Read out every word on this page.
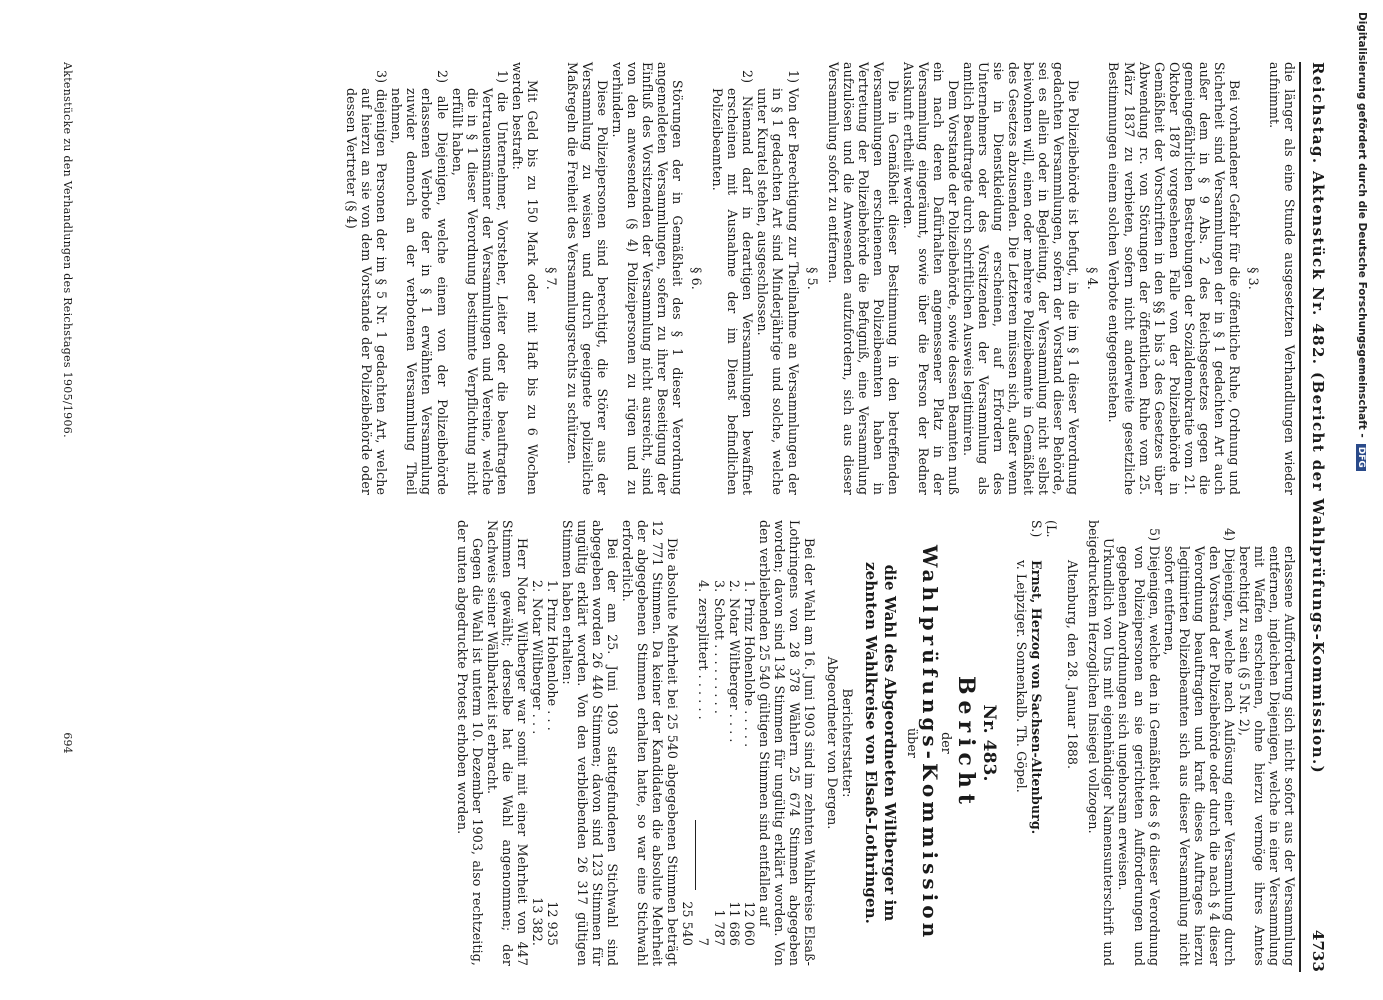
Reichstag. Aktenstück Nr. 482. (Bericht der Wahlprüfungs-Kommission.)
4733

die länger als eine Stunde ausgesetzten Verhandlungen wieder aufnimmt.

§ 3.

Bei vorhandener Gefahr für die öffentliche Ruhe, Ordnung und Sicherheit sind Versammlungen der in § 1 gedachten Art auch außer dem in § 9 Abs. 2 des Reichsgesetzes gegen die gemeingefährlichen Bestrebungen der Sozialdemokratie vom 21. Oktober 1878 vorgesehenen Falle von der Polizeibehörde in Gemäßheit der Vorschriften in den §§ 1 bis 3 des Gesetzes über Abwendung rc. von Störungen der öffentlichen Ruhe vom 25. März 1837 zu verbieten, sofern nicht anderweite gesetzliche Bestimmungen einem solchen Verbote entgegenstehen.

§ 4.

Die Polizeibehörde ist befugt, in die im § 1 dieser Verordnung gedachten Versammlungen, sofern der Vorstand dieser Behörde, sei es allein oder in Begleitung, der Versammlung nicht selbst beiwohnen will, einen oder mehrere Polizeibeamte in Gemäßheit des Gesetzes abzusenden. Die Letzteren müssen sich, außer wenn sie in Dienstkleidung erscheinen, auf Erfordern des Unternehmers oder des Vorsitzenden der Versammlung als amtlich Beauftragte durch schriftlichen Ausweis legitimiren.

Dem Vorstande der Polizeibehörde, sowie dessen Beamten muß ein nach deren Dafürhalten angemessener Platz in der Versammlung eingeräumt, sowie über die Person der Redner Auskunft ertheilt werden.

Die in Gemäßheit dieser Bestimmung in den betreffenden Versammlungen erschienenen Polizeibeamten haben in Vertretung der Polizeibehörde die Befugniß, eine Versammlung aufzulösen und die Anwesenden aufzufordern, sich aus dieser Versammlung sofort zu entfernen.

§ 5.

1) Von der Berechtigung zur Theilnahme an Versammlungen der in § 1 gedachten Art sind Minderjährige und solche, welche unter Kuratel stehen, ausgeschlossen.

2) Niemand darf in derartigen Versammlungen bewaffnet erscheinen mit Ausnahme der im Dienst befindlichen Polizeibeamten.

§ 6.

Störungen der in Gemäßheit des § 1 dieser Verordnung angemeldeten Versammlungen, sofern zu ihrer Beseitigung der Einfluß des Vorsitzenden der Versammlung nicht ausreicht, sind von den anwesenden (§ 4) Polizeipersonen zu rügen und zu verhindern.

Diese Polizeipersonen sind berechtigt, die Störer aus der Versammlung zu weisen und durch geeignete polizeiliche Maßregeln die Freiheit des Versammlungsrechts zu schützen.

§ 7.

Mit Geld bis zu 150 Mark oder mit Haft bis zu 6 Wochen werden bestraft:

1) die Unternehmer, Vorsteher, Leiter oder die beauftragten Vertrauensmänner der Versammlungen und Vereine, welche die in § 1 dieser Verordnung bestimmte Verpflichtung nicht erfüllt haben,

2) alle Diejenigen, welche einem von der Polizeibehörde erlassenen Verbote der in § 1 erwähnten Versammlung zuwider dennoch an der verbotenen Versammlung Theil nehmen,

3) diejenigen Personen der im § 5 Nr. 1 gedachten Art, welche auf hierzu an sie von dem Vorstande der Polizeibehörde oder dessen Vertreter (§ 4)

erlassene Aufforderung sich nicht sofort aus der Versammlung entfernen, ingleichen Diejenigen, welche in einer Versammlung mit Waffen erscheinen, ohne hierzu vermöge ihres Amtes berechtigt zu sein (§ 5 Nr. 2),

4) Diejenigen, welche nach Auflösung einer Versammlung durch den Vorstand der Polizeibehörde oder durch die nach § 4 dieser Verordnung beauftragten und kraft dieses Auftrages hierzu legitimirten Polizeibeamten sich aus dieser Versammlung nicht sofort entfernen,

5) Diejenigen, welche den in Gemäßheit des § 6 dieser Verordnung von Polizeipersonen an sie gerichteten Aufforderungen und gegebenen Anordnungen sich ungehorsam erweisen.

Urkundlich von Uns mit eigenhändiger Namensunterschrift und beigedrucktem Herzoglichen Insiegel vollzogen.

Altenburg, den 28. Januar 1888.

(L. S.) Ernst, Herzog von Sachsen-Altenburg.

v. Leipziger. Sonnenkalb. Th. Göpel.

Nr. 483.

Bericht

der

Wahlprüfungs-Kommission

über

die Wahl des Abgeordneten Wiltberger im zehnten Wahlkreise von Elsaß-Lothringen.

Berichterstatter:

Abgeordneter von Dergen.

Bei der Wahl am 16. Juni 1903 sind im zehnten Wahlkreise Elsaß-Lothringens von 28 378 Wählern 25 674 Stimmen abgegeben worden; davon sind 134 Stimmen für ungültig erklärt worden. Von den verbleibenden 25 540 gültigen Stimmen sind entfallen auf

1.
Prinz Hohenlohe . . . . .
12 060
2.
Notar Wiltberger . . . .
11 686
3.
Schott . . . . . . . . .
1 787
4.
zersplittert . . . . . .
7

25 540

Die absolute Mehrheit bei 25 540 abgegebenen Stimmen beträgt 12 771 Stimmen. Da keiner der Kandidaten die absolute Mehrheit der abgegebenen Stimmen erhalten hatte, so war eine Stichwahl erforderlich.

Bei der am 25. Juni 1903 stattgefundenen Stichwahl sind abgegeben worden 26 440 Stimmen; davon sind 123 Stimmen für ungültig erklärt worden. Von den verbleibenden 26 317 gültigen Stimmen haben erhalten:

1.
Prinz Hohenlohe . . .
12 935
2.
Notar Wiltberger . . .
13 382.

Herr Notar Wiltberger war somit mit einer Mehrheit von 447 Stimmen gewählt; derselbe hat die Wahl angenommen; der Nachweis seiner Wählbarkeit ist erbracht.

Gegen die Wahl ist unterm 10. Dezember 1903, also rechtzeitig, der unten abgedruckte Protest erhoben worden.

Aktenstücke zu den Verhandlungen des Reichstages 1905/1906.
694
Digitalisierung gefördert durch die Deutsche Forschungsgemeinschaft -DFG
